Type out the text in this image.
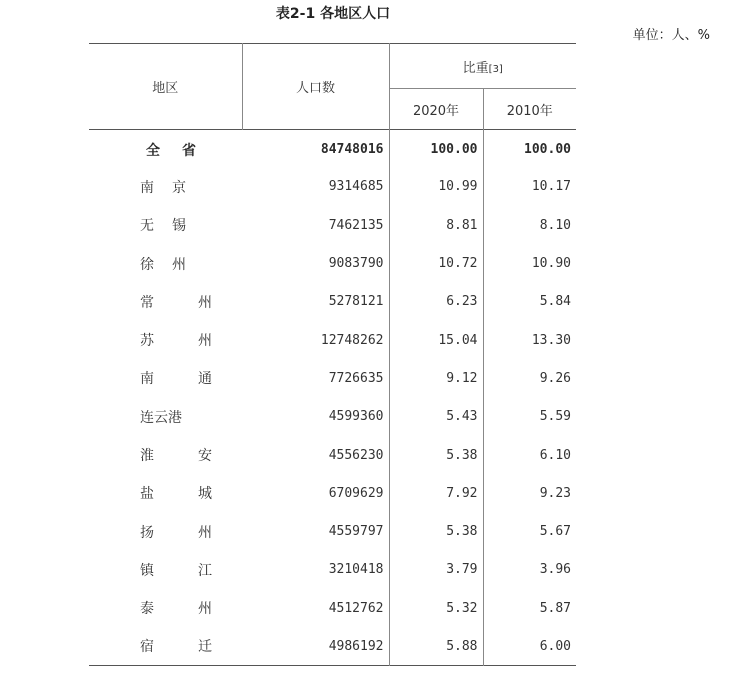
表2-1 各地区人口
单位：人、%
地区	人口数	比重[3]	
		2020年	2010年

全 省	84748016	100.00	100.00

南 京	9314685	10.99	10.17

无 锡	7462135	8.81	8.10

徐 州	9083790	10.72	10.90

常 州	5278121	6.23	5.84

苏 州	12748262	15.04	13.30

南 通	7726635	9.12	9.26
连云港	4599360	5.43	5.59

淮 安	4556230	5.38	6.10

盐 城	6709629	7.92	9.23

扬 州	4559797	5.38	5.67

镇 江	3210418	3.79	3.96

泰 州	4512762	5.32	5.87

宿 迁	4986192	5.88	6.00
